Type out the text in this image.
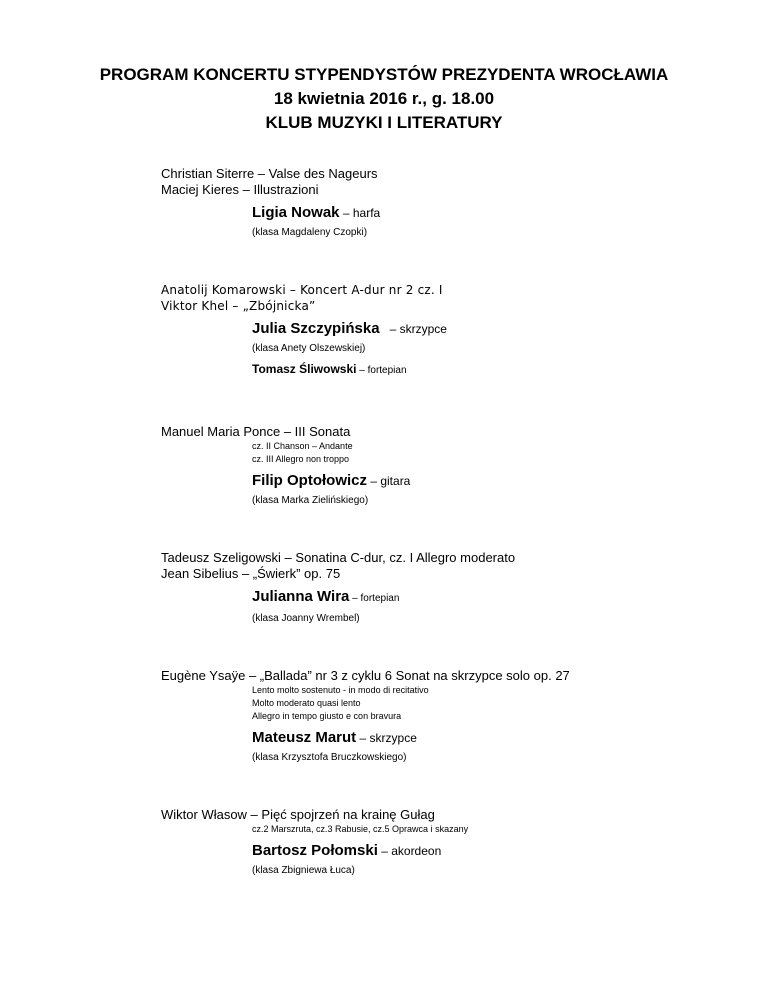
PROGRAM KONCERTU STYPENDYSTÓW PREZYDENTA WROCŁAWIA
18 kwietnia 2016 r., g. 18.00
KLUB MUZYKI I LITERATURY
Christian Siterre – Valse des Nageurs
Maciej Kieres – Illustrazioni
Ligia Nowak – harfa
(klasa Magdaleny Czopki)
Anatolij Komarowski – Koncert A-dur nr 2 cz. I
Viktor Khel – „Zbójnicka”
Julia Szczypińska   – skrzypce
(klasa Anety Olszewskiej)
Tomasz Śliwowski – fortepian
Manuel Maria Ponce – III Sonata
cz. II Chanson – Andante
cz. III Allegro non troppo
Filip Optołowicz – gitara
(klasa Marka Zielińskiego)
Tadeusz Szeligowski – Sonatina C-dur, cz. I Allegro moderato
Jean Sibelius – „Świerk” op. 75
Julianna Wira – fortepian
(klasa Joanny Wrembel)
Eugène Ysaÿe – „Ballada” nr 3 z cyklu 6 Sonat na skrzypce solo op. 27
Lento molto sostenuto - in modo di recitativo
Molto moderato quasi lento
Allegro in tempo giusto e con bravura
Mateusz Marut – skrzypce
(klasa Krzysztofa Bruczkowskiego)
Wiktor Własow – Pięć spojrzeń na krainę Gułag
cz.2 Marszruta, cz.3 Rabusie, cz.5 Oprawca i skazany
Bartosz Połomski – akordeon
(klasa Zbigniewa Łuca)
